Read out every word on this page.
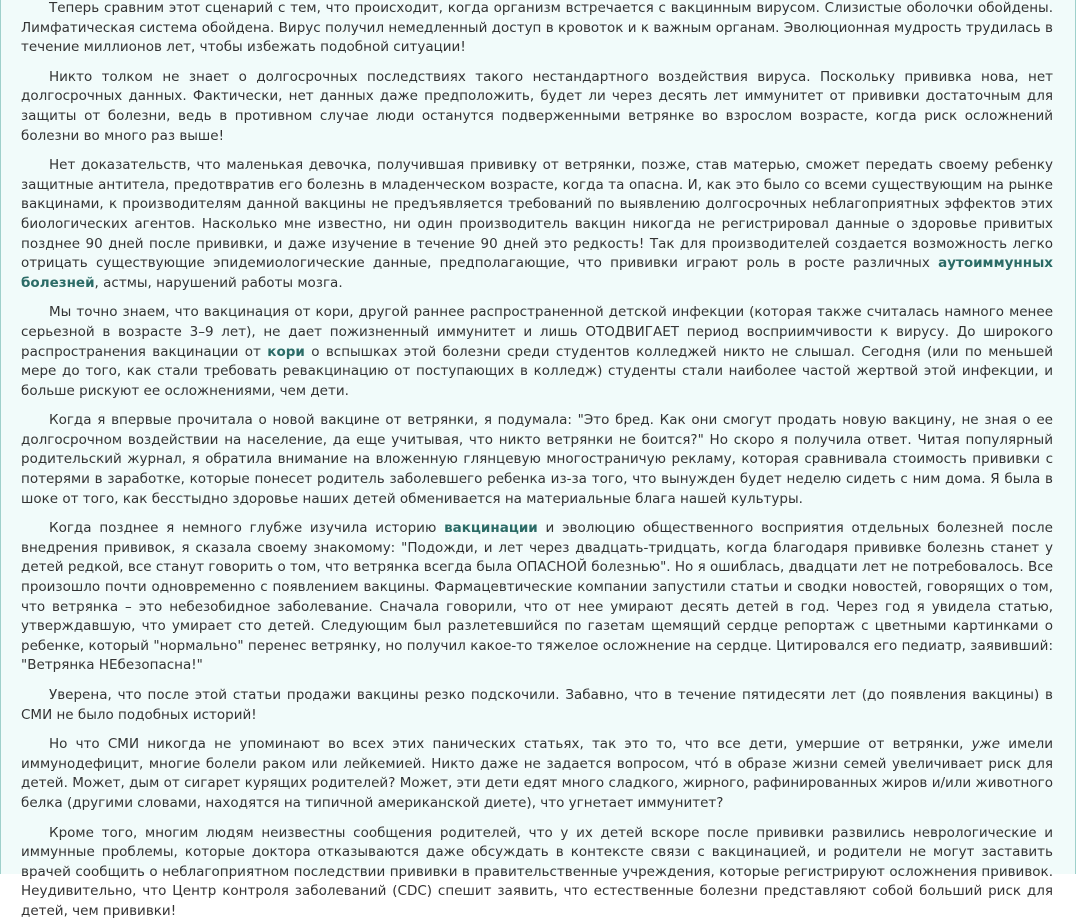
Теперь сравним этот сценарий с тем, что происходит, когда организм встречается с вакцинным вирусом. Слизистые оболочки обойдены. Лимфатическая система обойдена. Вирус получил немедленный доступ в кровоток и к важным органам. Эволюционная мудрость трудилась в течение миллионов лет, чтобы избежать подобной ситуации!

Никто толком не знает о долгосрочных последствиях такого нестандартного воздействия вируса. Поскольку прививка нова, нет долгосрочных данных. Фактически, нет данных даже предположить, будет ли через десять лет иммунитет от прививки достаточным для защиты от болезни, ведь в противном случае люди останутся подверженными ветрянке во взрослом возрасте, когда риск осложнений болезни во много раз выше!

Нет доказательств, что маленькая девочка, получившая прививку от ветрянки, позже, став матерью, сможет передать своему ребенку защитные антитела, предотвратив его болезнь в младенческом возрасте, когда та опасна. И, как это было со всеми существующим на рынке вакцинами, к производителям данной вакцины не предъявляется требований по выявлению долгосрочных неблагоприятных эффектов этих биологических агентов. Насколько мне известно, ни один производитель вакцин никогда не регистрировал данные о здоровье привитых позднее 90 дней после прививки, и даже изучение в течение 90 дней это редкость! Так для производителей создается возможность легко отрицать существующие эпидемиологические данные, предполагающие, что прививки играют роль в росте различных аутоиммунных болезней, астмы, нарушений работы мозга.

Мы точно знаем, что вакцинация от кори, другой раннее распространенной детской инфекции (которая также считалась намного менее серьезной в возрасте 3–9 лет), не дает пожизненный иммунитет и лишь ОТОДВИГАЕТ период восприимчивости к вирусу. До широкого распространения вакцинации от кори о вспышках этой болезни среди студентов колледжей никто не слышал. Сегодня (или по меньшей мере до того, как стали требовать ревакцинацию от поступающих в колледж) студенты стали наиболее частой жертвой этой инфекции, и больше рискуют ее осложнениями, чем дети.

Когда я впервые прочитала о новой вакцине от ветрянки, я подумала: "Это бред. Как они смогут продать новую вакцину, не зная о ее долгосрочном воздействии на население, да еще учитывая, что никто ветрянки не боится?" Но скоро я получила ответ. Читая популярный родительский журнал, я обратила внимание на вложенную глянцевую многостраничую рекламу, которая сравнивала стоимость прививки с потерями в заработке, которые понесет родитель заболевшего ребенка из-за того, что вынужден будет неделю сидеть с ним дома. Я была в шоке от того, как бесстыдно здоровье наших детей обменивается на материальные блага нашей культуры.

Когда позднее я немного глубже изучила историю вакцинации и эволюцию общественного восприятия отдельных болезней после внедрения прививок, я сказала своему знакомому: "Подожди, и лет через двадцать-тридцать, когда благодаря прививке болезнь станет у детей редкой, все станут говорить о том, что ветрянка всегда была ОПАСНОЙ болезнью". Но я ошиблась, двадцати лет не потребовалось. Все произошло почти одновременно с появлением вакцины. Фармацевтические компании запустили статьи и сводки новостей, говорящих о том, что ветрянка – это небезобидное заболевание. Сначала говорили, что от нее умирают десять детей в год. Через год я увидела статью, утверждавшую, что умирает сто детей. Следующим был разлетевшийся по газетам щемящий сердце репортаж с цветными картинками о ребенке, который "нормально" перенес ветрянку, но получил какое-то тяжелое осложнение на сердце. Цитировался его педиатр, заявивший: "Ветрянка НЕбезопасна!"

Уверена, что после этой статьи продажи вакцины резко подскочили. Забавно, что в течение пятидесяти лет (до появления вакцины) в СМИ не было подобных историй!

Но что СМИ никогда не упоминают во всех этих панических статьях, так это то, что все дети, умершие от ветрянки, уже имели иммунодефицит, многие болели раком или лейкемией. Никто даже не задается вопросом, что́ в образе жизни семей увеличивает риск для детей. Может, дым от сигарет курящих родителей? Может, эти дети едят много сладкого, жирного, рафинированных жиров и/или животного белка (другими словами, находятся на типичной американской диете), что угнетает иммунитет?

Кроме того, многим людям неизвестны сообщения родителей, что у их детей вскоре после прививки развились неврологические и иммунные проблемы, которые доктора отказываются даже обсуждать в контексте связи с вакцинацией, и родители не могут заставить врачей сообщить о неблагоприятном последствии прививки в правительственные учреждения, которые регистрируют осложнения прививок. Неудивительно, что Центр контроля заболеваний (CDC) спешит заявить, что естественные болезни представляют собой больший риск для детей, чем прививки!
